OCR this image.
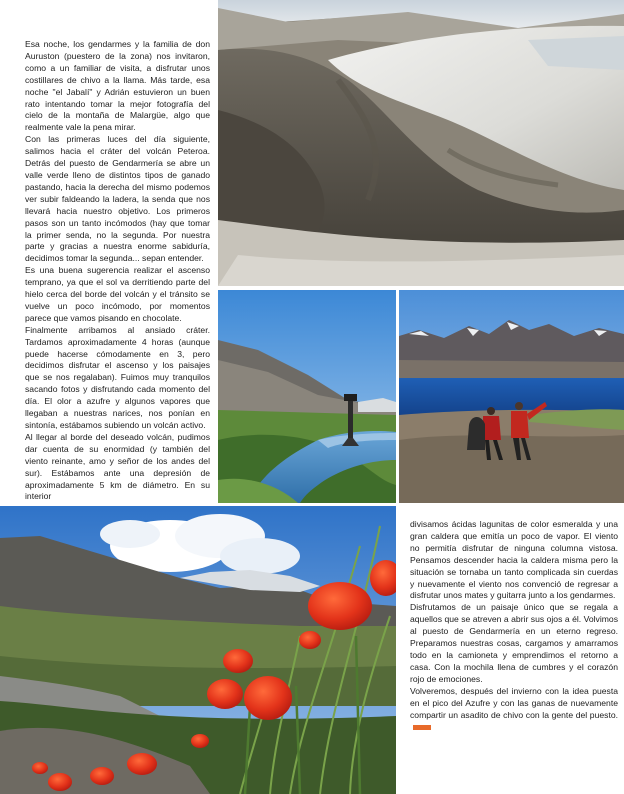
Esa noche, los gendarmes y la familia de don Auruston (puestero de la zona) nos invitaron, como a un familiar de visita, a disfrutar unos costillares de chivo a la llama. Más tarde, esa noche "el Jabalí" y Adrián estuvieron un buen rato intentando tomar la mejor fotografía del cielo de la montaña de Malargüe, algo que realmente vale la pena mirar.

Con las primeras luces del día siguiente, salimos hacia el cráter del volcán Peteroa. Detrás del puesto de Gendarmería se abre un valle verde lleno de distintos tipos de ganado pastando, hacia la derecha del mismo podemos ver subir faldeando la ladera, la senda que nos llevará hacia nuestro objetivo. Los primeros pasos son un tanto incómodos (hay que tomar la primer senda, no la segunda. Por nuestra parte y gracias a nuestra enorme sabiduría, decidimos tomar la segunda... sepan entender.

Es una buena sugerencia realizar el ascenso temprano, ya que el sol va derritiendo parte del hielo cerca del borde del volcán y el tránsito se vuelve un poco incómodo, por momentos parece que vamos pisando en chocolate.

Finalmente arribamos al ansiado cráter. Tardamos aproximadamente 4 horas (aunque puede hacerse cómodamente en 3, pero decidimos disfrutar el ascenso y los paisajes que se nos regalaban). Fuimos muy tranquilos sacando fotos y disfrutando cada momento del día. El olor a azufre y algunos vapores que llegaban a nuestras narices, nos ponían en sintonía, estábamos subiendo un volcán activo.

Al llegar al borde del deseado volcán, pudimos dar cuenta de su enormidad (y también del viento reinante, amo y señor de los andes del sur). Estábamos ante una depresión de aproximadamente 5 km de diámetro. En su interior

divisamos ácidas lagunitas de color esmeralda y una gran caldera que emitía un poco de vapor. El viento no permitía disfrutar de ninguna columna vistosa. Pensamos descender hacia la caldera misma pero la situación se tornaba un tanto complicada sin cuerdas y nuevamente el viento nos convenció de regresar a disfrutar unos mates y guitarra junto a los gendarmes.

Disfrutamos de un paisaje único que se regala a aquellos que se atreven a abrir sus ojos a él. Volvimos al puesto de Gendarmería en un eterno regreso. Preparamos nuestras cosas, cargamos y amarramos todo en la camioneta y emprendimos el retorno a casa. Con la mochila llena de cumbres y el corazón rojo de emociones.

Volveremos, después del invierno con la idea puesta en el pico del Azufre y con las ganas de nuevamente compartir un asadito de chivo con la gente del puesto.
